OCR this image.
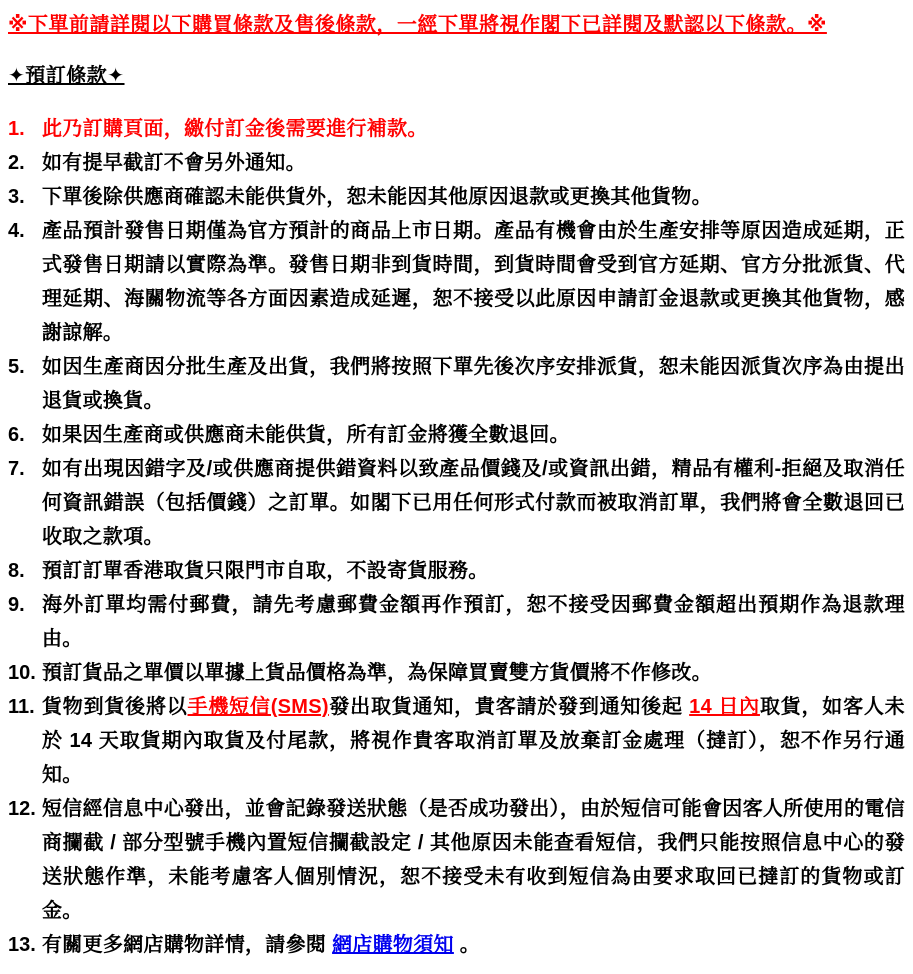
※下單前請詳閱以下購買條款及售後條款，一經下單將視作閣下已詳閱及默認以下條款。※
✦預訂條款✦
1. 此乃訂購頁面，繳付訂金後需要進行補款。
2. 如有提早截訂不會另外通知。
3. 下單後除供應商確認未能供貨外，恕未能因其他原因退款或更換其他貨物。
4. 產品預計發售日期僅為官方預計的商品上市日期。產品有機會由於生產安排等原因造成延期，正式發售日期請以實際為準。發售日期非到貨時間，到貨時間會受到官方延期、官方分批派貨、代理延期、海關物流等各方面因素造成延遲，恕不接受以此原因申請訂金退款或更換其他貨物，感謝諒解。
5. 如因生產商因分批生產及出貨，我們將按照下單先後次序安排派貨，恕未能因派貨次序為由提出退貨或換貨。
6. 如果因生產商或供應商未能供貨，所有訂金將獲全數退回。
7. 如有出現因錯字及/或供應商提供錯資料以致產品價錢及/或資訊出錯，精品有權利-拒絕及取消任何資訊錯誤（包括價錢）之訂單。如閣下已用任何形式付款而被取消訂單，我們將會全數退回已收取之款項。
8. 預訂訂單香港取貨只限門市自取，不設寄貨服務。
9. 海外訂單均需付郵費，請先考慮郵費金額再作預訂，恕不接受因郵費金額超出預期作為退款理由。
10. 預訂貨品之單價以單據上貨品價格為準，為保障買賣雙方貨價將不作修改。
11. 貨物到貨後將以手機短信(SMS)發出取貨通知，貴客請於發到通知後起 14 日內取貨，如客人未於 14 天取貨期內取貨及付尾款，將視作貴客取消訂單及放棄訂金處理（撻訂），恕不作另行通知。
12. 短信經信息中心發出，並會記錄發送狀態（是否成功發出），由於短信可能會因客人所使用的電信商攔截 / 部分型號手機內置短信攔截設定 / 其他原因未能查看短信，我們只能按照信息中心的發送狀態作準，未能考慮客人個別情況，恕不接受未有收到短信為由要求取回已撻訂的貨物或訂金。
13. 有關更多網店購物詳情，請參閱 網店購物須知 。
